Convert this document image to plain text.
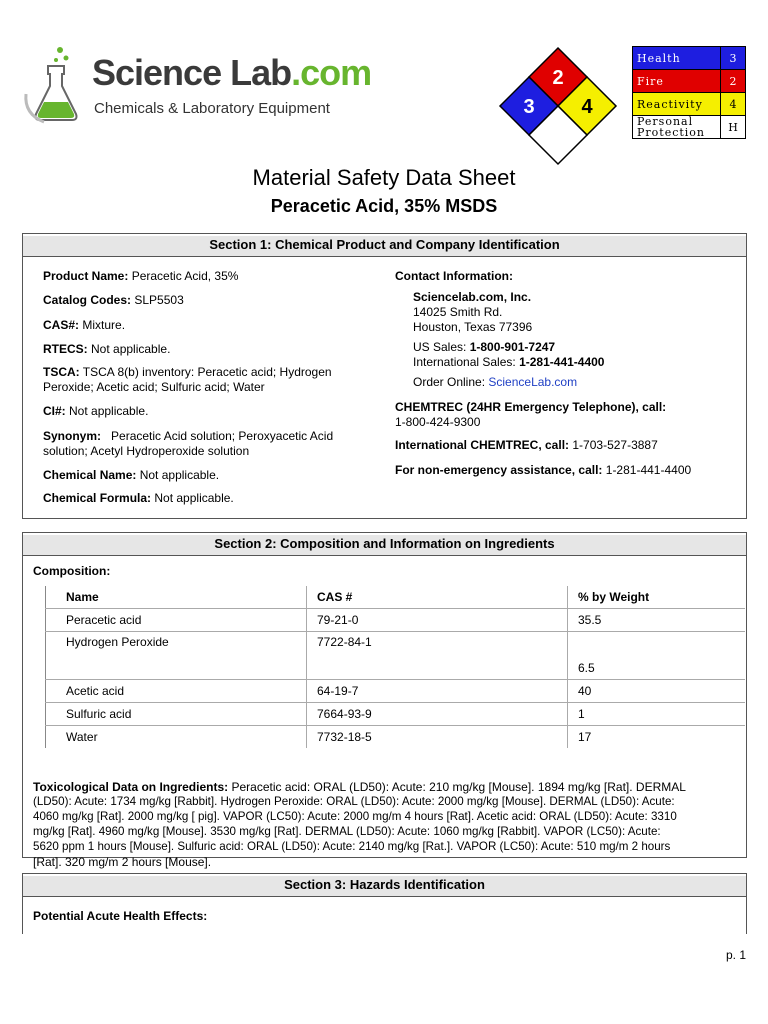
Science Lab.com
Chemicals & Laboratory Equipment
2
3 4
Health	3
Fire	2
Reactivity	4
Personal
Protection	H
Material Safety Data Sheet
Peracetic Acid, 35% MSDS
Section 1: Chemical Product and Company Identification
Product Name: Peracetic Acid, 35%
Catalog Codes: SLP5503
CAS#: Mixture.
RTECS: Not applicable.
TSCA: TSCA 8(b) inventory: Peracetic acid; Hydrogen
Peroxide; Acetic acid; Sulfuric acid; Water
CI#: Not applicable.
Synonym: Peracetic Acid solution; Peroxyacetic Acid
solution; Acetyl Hydroperoxide solution
Chemical Name: Not applicable.
Chemical Formula: Not applicable.
Contact Information:
Sciencelab.com, Inc.
14025 Smith Rd.
Houston, Texas 77396
US Sales: 1-800-901-7247
International Sales: 1-281-441-4400
Order Online: ScienceLab.com
CHEMTREC (24HR Emergency Telephone), call:
1-800-424-9300
International CHEMTREC, call: 1-703-527-3887
For non-emergency assistance, call: 1-281-441-4400
Section 2: Composition and Information on Ingredients
Composition:
Name	CAS #	% by Weight
Peracetic acid	79-21-0	35.5
Hydrogen Peroxide	7722-84-1	6.5
Acetic acid	64-19-7	40
Sulfuric acid	7664-93-9	1
Water	7732-18-5	17
Toxicological Data on Ingredients: Peracetic acid: ORAL (LD50): Acute: 210 mg/kg [Mouse]. 1894 mg/kg [Rat]. DERMAL
(LD50): Acute: 1734 mg/kg [Rabbit]. Hydrogen Peroxide: ORAL (LD50): Acute: 2000 mg/kg [Mouse]. DERMAL (LD50): Acute:
4060 mg/kg [Rat]. 2000 mg/kg [ pig]. VAPOR (LC50): Acute: 2000 mg/m 4 hours [Rat]. Acetic acid: ORAL (LD50): Acute: 3310
mg/kg [Rat]. 4960 mg/kg [Mouse]. 3530 mg/kg [Rat]. DERMAL (LD50): Acute: 1060 mg/kg [Rabbit]. VAPOR (LC50): Acute:
5620 ppm 1 hours [Mouse]. Sulfuric acid: ORAL (LD50): Acute: 2140 mg/kg [Rat.]. VAPOR (LC50): Acute: 510 mg/m 2 hours
[Rat]. 320 mg/m 2 hours [Mouse].
Section 3: Hazards Identification
Potential Acute Health Effects:
p. 1
